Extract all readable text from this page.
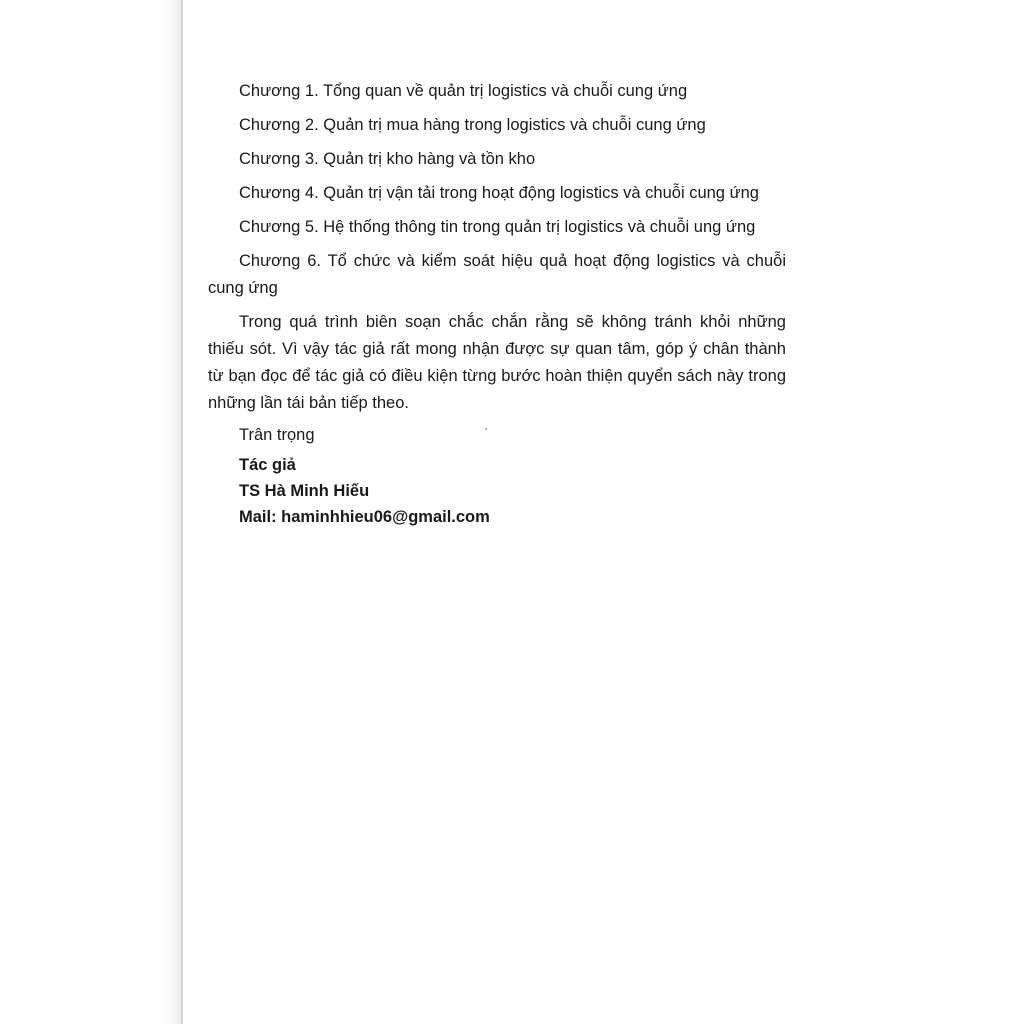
Chương 1. Tổng quan về quản trị logistics và chuỗi cung ứng

Chương 2. Quản trị mua hàng trong logistics và chuỗi cung ứng

Chương 3. Quản trị kho hàng và tồn kho

Chương 4. Quản trị vận tải trong hoạt động logistics và chuỗi cung ứng

Chương 5. Hệ thống thông tin trong quản trị logistics và chuỗi ung ứng

Chương 6. Tổ chức và kiểm soát hiệu quả hoạt động logistics và chuỗi cung ứng

Trong quá trình biên soạn chắc chắn rằng sẽ không tránh khỏi những thiếu sót. Vì vậy tác giả rất mong nhận được sự quan tâm, góp ý chân thành từ bạn đọc để tác giả có điều kiện từng bước hoàn thiện quyển sách này trong những lần tái bản tiếp theo.

Trân trọng

Tác giả

TS Hà Minh Hiếu

Mail: haminhhieu06@gmail.com
